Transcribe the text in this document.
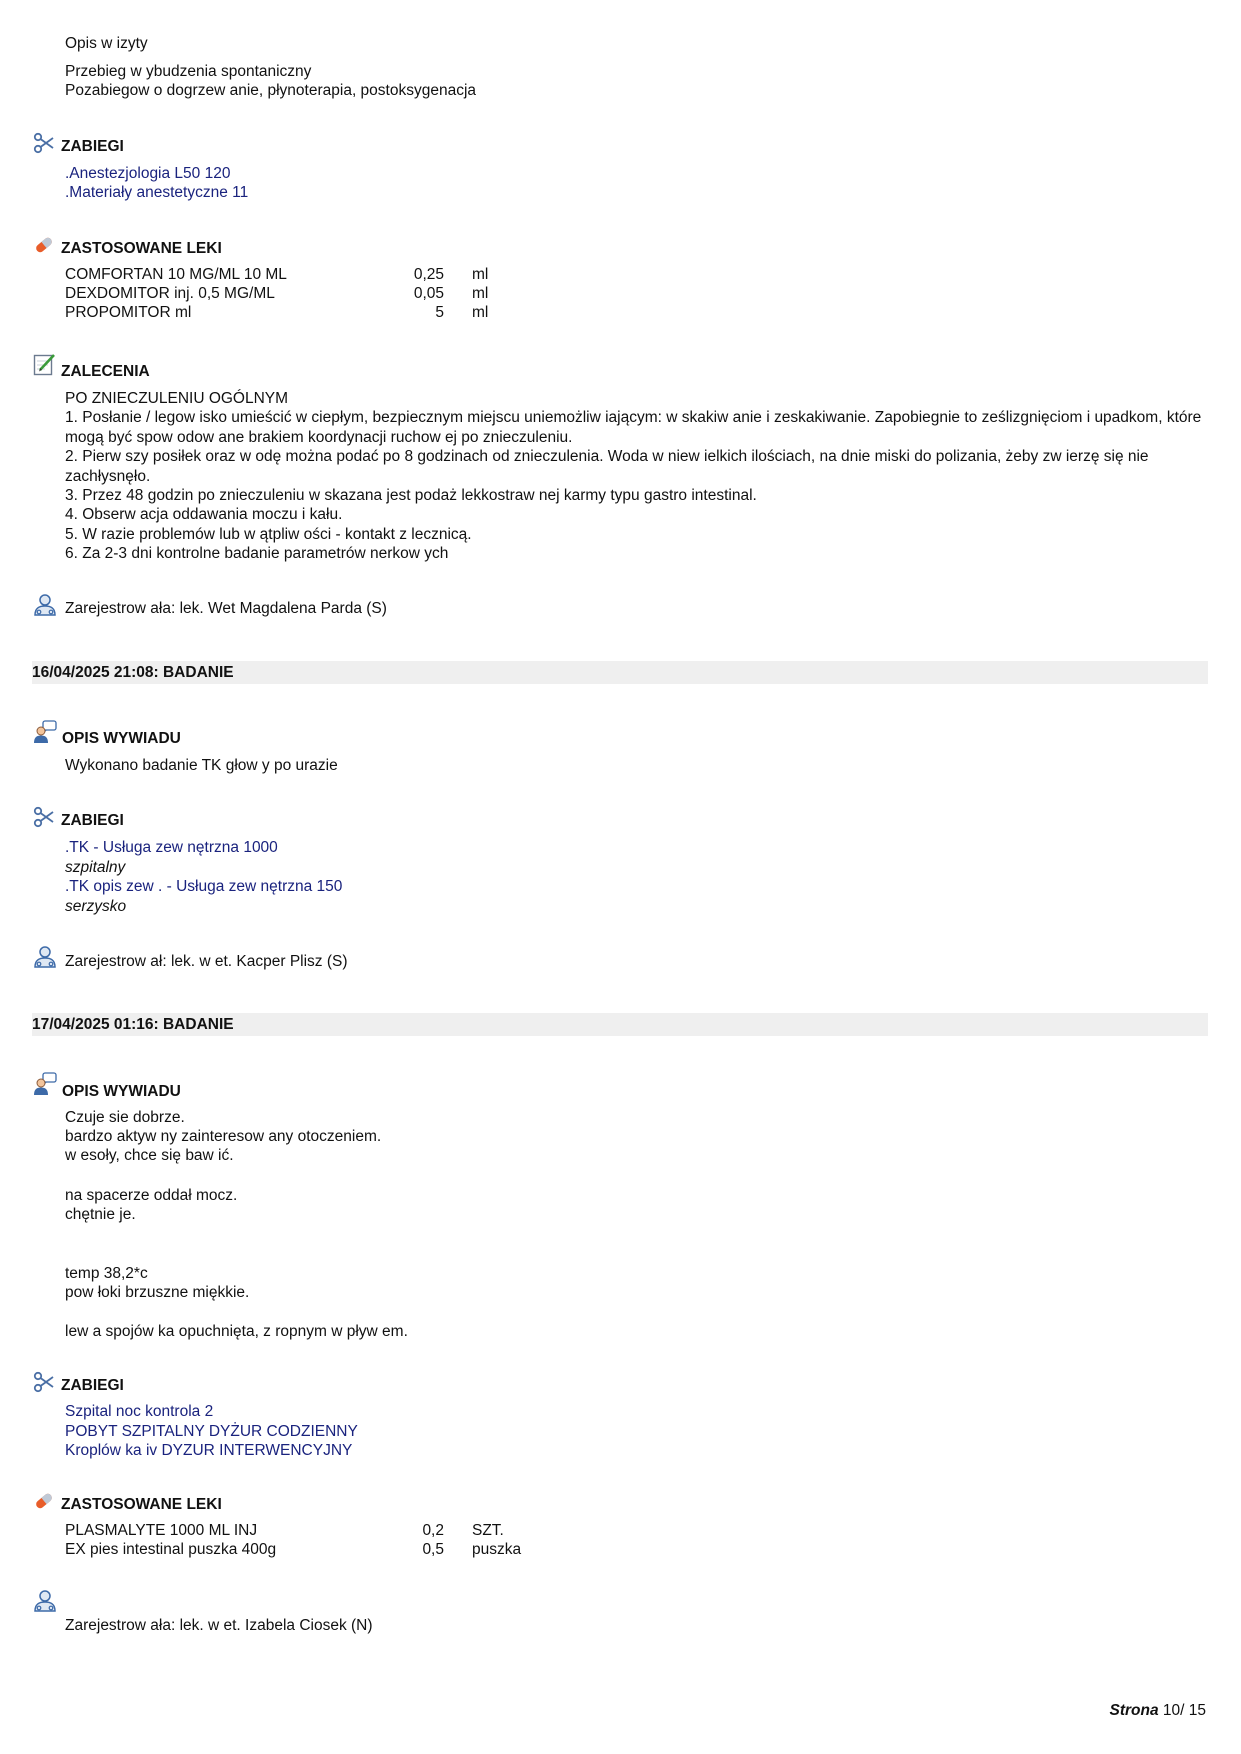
Opis w izyty
Przebieg w ybudzenia spontaniczny
Pozabiegow o dogrzew anie, płynoterapia, postoksygenacja
ZABIEGI
.Anestezjologia L50 120
.Materiały anestetyczne 11
ZASTOSOWANE LEKI
COMFORTAN 10 MG/ML 10 ML	0,25 ml
DEXDOMITOR inj. 0,5 MG/ML	0,05 ml
PROPOMITOR ml	5 ml
ZALECENIA
PO ZNIECZULENIU OGÓLNYM
1. Posłanie / legow isko umieścić w ciepłym, bezpiecznym miejscu uniemożliw iającym: w skakiw anie i zeskakiwanie. Zapobiegnie to ześlizgnięciom i upadkom, które mogą być spow odow ane brakiem koordynacji ruchow ej po znieczuleniu.
2. Pierw szy posiłek oraz w odę można podać po 8 godzinach od znieczulenia. Woda w niew ielkich ilościach, na dnie miski do polizania, żeby zw ierzę się nie zachłysnęło.
3. Przez 48 godzin po znieczuleniu w skazana jest podaż lekkostraw nej karmy typu gastro intestinal.
4. Obserw acja oddawania moczu i kału.
5. W razie problemów lub w ątpliw ości - kontakt z lecznicą.
6. Za 2-3 dni kontrolne badanie parametrów nerkow ych
Zarejestrow ała: lek. Wet Magdalena Parda (S)
16/04/2025 21:08: BADANIE
OPIS WYWIADU
Wykonano badanie TK głow y po urazie
ZABIEGI
.TK - Usługa zew nętrzna 1000
szpitalny
.TK opis zew . - Usługa zew nętrzna 150
serzysko
Zarejestrow ał: lek. w et. Kacper Plisz (S)
17/04/2025 01:16: BADANIE
OPIS WYWIADU
Czuje sie dobrze.
bardzo aktyw ny zainteresow any otoczeniem.
w esoły, chce się baw ić.
na spacerze oddał mocz.
chętnie je.
temp 38,2*c
pow łoki brzuszne miękkie.
lew a spojów ka opuchnięta, z ropnym w pływ em.
ZABIEGI
Szpital noc kontrola 2
POBYT SZPITALNY DYŻUR CODZIENNY
Kroplów ka iv DYZUR INTERWENCYJNY
ZASTOSOWANE LEKI
PLASMALYTE 1000 ML INJ	0,2 SZT.
EX pies intestinal puszka 400g	0,5 puszka
Zarejestrow ała: lek. w et. Izabela Ciosek (N)
Strona 10/ 15
